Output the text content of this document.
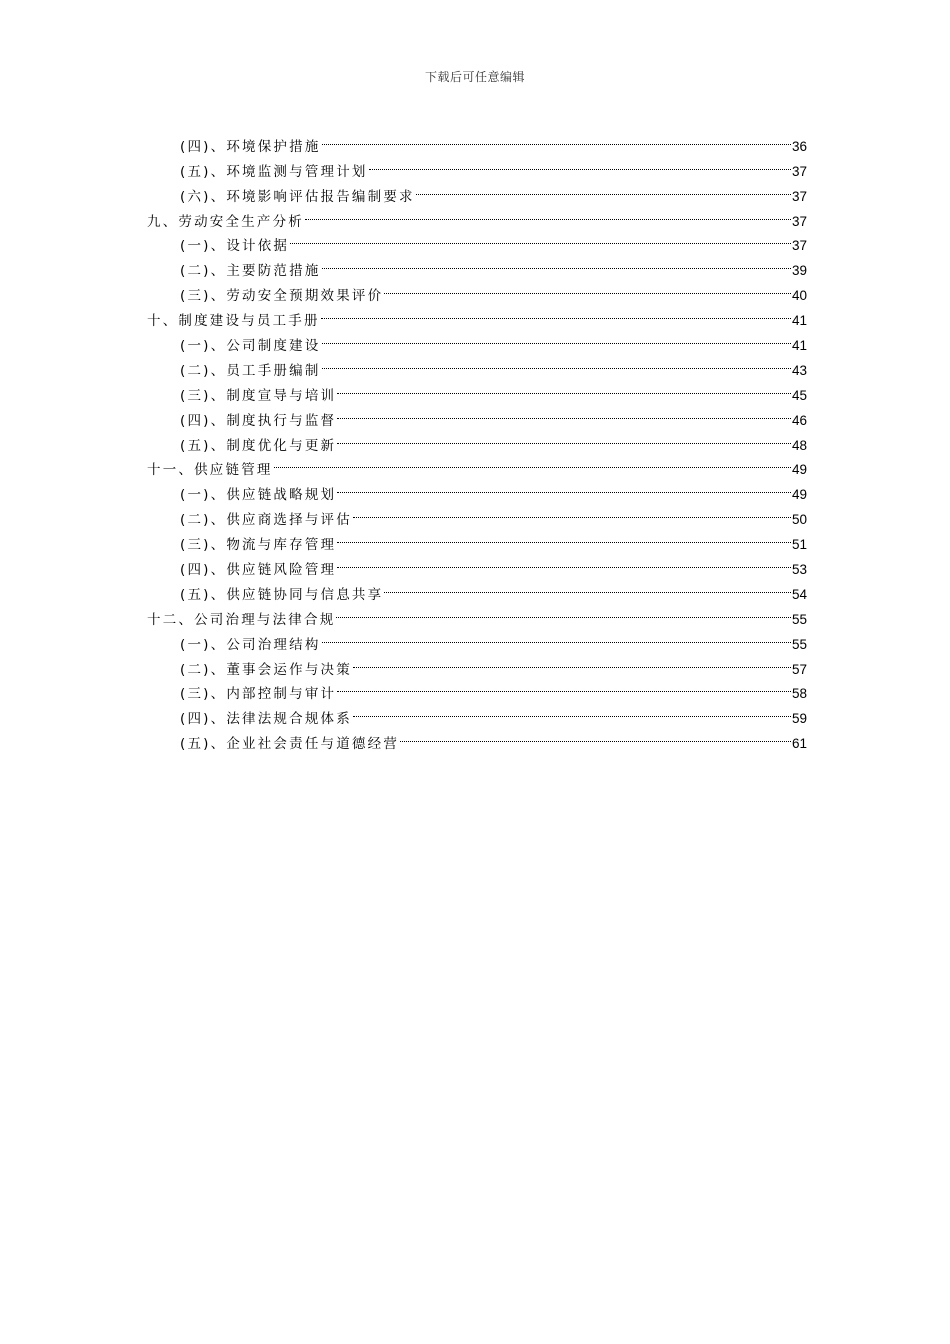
下载后可任意编辑
(四)、环境保护措施	36
(五)、环境监测与管理计划	37
(六)、环境影响评估报告编制要求	37
九、劳动安全生产分析	37
(一)、设计依据	37
(二)、主要防范措施	39
(三)、劳动安全预期效果评价	40
十、制度建设与员工手册	41
(一)、公司制度建设	41
(二)、员工手册编制	43
(三)、制度宣导与培训	45
(四)、制度执行与监督	46
(五)、制度优化与更新	48
十一、供应链管理	49
(一)、供应链战略规划	49
(二)、供应商选择与评估	50
(三)、物流与库存管理	51
(四)、供应链风险管理	53
(五)、供应链协同与信息共享	54
十二、公司治理与法律合规	55
(一)、公司治理结构	55
(二)、董事会运作与决策	57
(三)、内部控制与审计	58
(四)、法律法规合规体系	59
(五)、企业社会责任与道德经营	61
